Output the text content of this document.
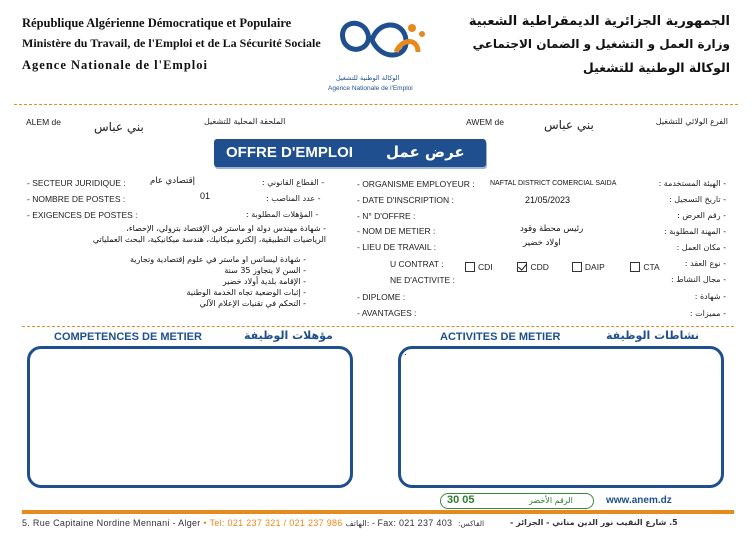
République Algérienne Démocratique et Populaire
Ministère du Travail, de l'Emploi et de La Sécurité Sociale
Agence Nationale de l'Emploi
الوكالة الوطنية للتشغيل
Agence Nationale de l'Emploi
الجمهورية الجزائرية الديمقراطية الشعبية
وزارة العمل و التشغيل و الضمان الاجتماعي
الوكالة الوطنية للتشغيل
ALEM de	بني عباس	الملحقة المحلية للتشغيل	AWEM de	بني عباس	الفرع الولائي للتشغيل
OFFRE D'EMPLOI عرض عمل
- SECTEUR JURIDIQUE :	إقتصادي عام	- القطاع القانوني :
- NOMBRE DE POSTES :	01	- عدد المناصب :
- EXIGENCES DE POSTES :	- المؤهلات المطلوبة :
- شهادة مهندس دولة او ماستر في الإقتصاد بترولي، الإحصاء،
الرياضيات التطبيقية، إلكترو ميكانيك، هندسة ميكانيكية، البحث العملياتي
- شهادة ليسانس او ماستر في علوم إقتصادية وتجارية
- السن لا يتجاوز 35 سنة
- الإقامة بلدية أولاد خضير
- إثبات الوضعية تجاه الخدمة الوطنية
- التحكم في تقنيات الإعلام الآلي
- ORGANISME EMPLOYEUR : NAFTAL DISTRICT COMERCIAL SAIDA	- الهيئة المستخدمة :
- DATE D'INSCRIPTION :	21/05/2023	- تاريخ التسجيل :
- N° D'OFFRE :	- رقم العرض :
- NOM DE METIER :	رئيس محطة وقود	- المهنة المطلوبة :
- LIEU DE TRAVAIL :	اولاد خضير	- مكان العمل :
U CONTRAT :	CDI	CDD	DAIP	CTA	- نوع العقد :
NE D'ACTIVITE :	- مجال النشاط :
- DIPLOME :	- شهادة :
- AVANTAGES :	- مميزات :
COMPETENCES DE METIER	مؤهلات الوظيفة	ACTIVITES DE METIER	نشاطات الوظيفة
.
30 05	الرقم الأخضر	www.anem.dz
5. Rue Capitaine Nordine Mennani - Alger • Tel: 021 237 321 / 021 237 986 الهاتف: - Fax: 021 237 403 الفاكس:	5. شارع النقيب نور الدين مناني - الجزائر -
